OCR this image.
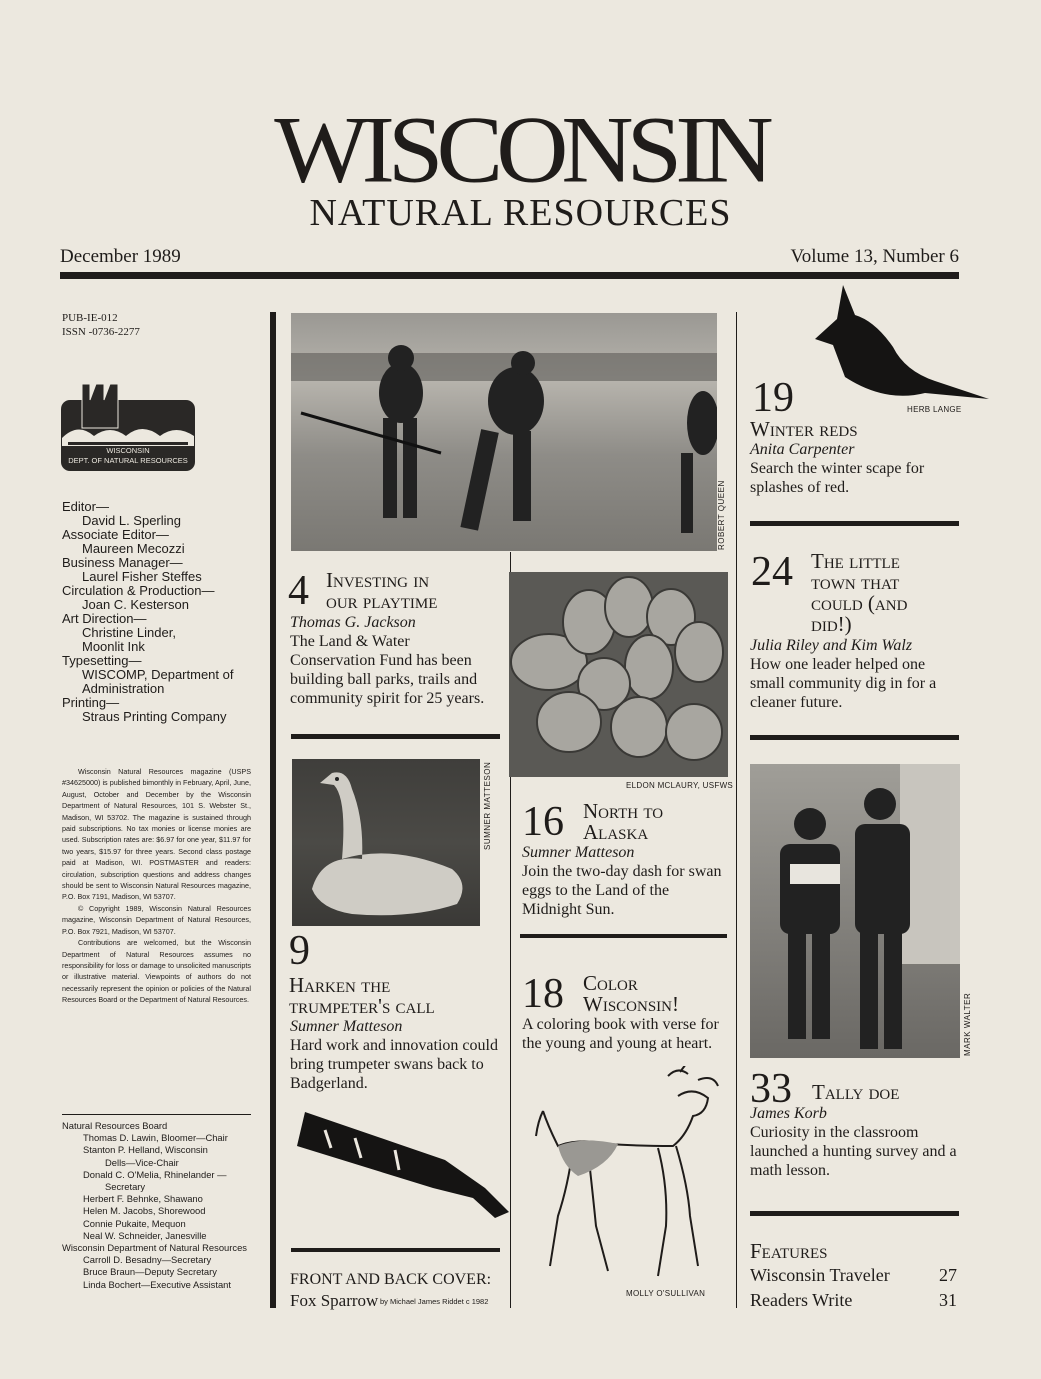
WISCONSIN
NATURAL RESOURCES
December 1989	Volume 13, Number 6
PUB-IE-012
ISSN -0736-2277
WISCONSIN
DEPT. OF NATURAL RESOURCES
Editor—
David L. Sperling
Associate Editor—
Maureen Mecozzi
Business Manager—
Laurel Fisher Steffes
Circulation & Production—
Joan C. Kesterson
Art Direction—
Christine Linder,
Moonlit Ink
Typesetting—
WISCOMP, Department of
Administration
Printing—
Straus Printing Company
Wisconsin Natural Resources magazine (USPS #34625000) is published bimonthly in February, April, June, August, October and December by the Wisconsin Department of Natural Resources, 101 S. Webster St., Madison, WI 53702. The magazine is sustained through paid subscriptions. No tax monies or license monies are used. Subscription rates are: $6.97 for one year, $11.97 for two years, $15.97 for three years. Second class postage paid at Madison, WI. POSTMASTER and readers: circulation, subscription questions and address changes should be sent to Wisconsin Natural Resources magazine, P.O. Box 7191, Madison, WI 53707.
© Copyright 1989, Wisconsin Natural Resources magazine, Wisconsin Department of Natural Resources, P.O. Box 7921, Madison, WI 53707.
Contributions are welcomed, but the Wisconsin Department of Natural Resources assumes no responsibility for loss or damage to unsolicited manuscripts or illustrative material. Viewpoints of authors do not necessarily represent the opinion or policies of the Natural Resources Board or the Department of Natural Resources.
Natural Resources Board
Thomas D. Lawin, Bloomer—Chair
Stanton P. Helland, Wisconsin
Dells—Vice-Chair
Donald C. O'Melia, Rhinelander —
Secretary
Herbert F. Behnke, Shawano
Helen M. Jacobs, Shorewood
Connie Pukaite, Mequon
Neal W. Schneider, Janesville
Wisconsin Department of Natural Resources
Carroll D. Besadny—Secretary
Bruce Braun—Deputy Secretary
Linda Bochert—Executive Assistant
ROBERT QUEEN
4 Investing in
our playtime
Thomas G. Jackson
The Land & Water Conservation Fund has been building ball parks, trails and community spirit for 25 years.
SUMNER MATTESON
9
Harken the
trumpeter's call
Sumner Matteson
Hard work and innovation could bring trumpeter swans back to Badgerland.
FRONT AND BACK COVER:
Fox Sparrow by Michael James Riddet c 1982
ELDON MCLAURY, USFWS
16 North to
Alaska
Sumner Matteson
Join the two-day dash for swan eggs to the Land of the Midnight Sun.
18 Color
Wisconsin!
A coloring book with verse for the young and young at heart.
MOLLY O'SULLIVAN
19	HERB LANGE
Winter reds
Anita Carpenter
Search the winter scape for splashes of red.
24 The little
town that
could (and
did!)
Julia Riley and Kim Walz
How one leader helped one small community dig in for a cleaner future.
MARK WALTER
33 Tally doe
James Korb
Curiosity in the classroom launched a hunting survey and a math lesson.
Features
Wisconsin Traveler	27
Readers Write	31
